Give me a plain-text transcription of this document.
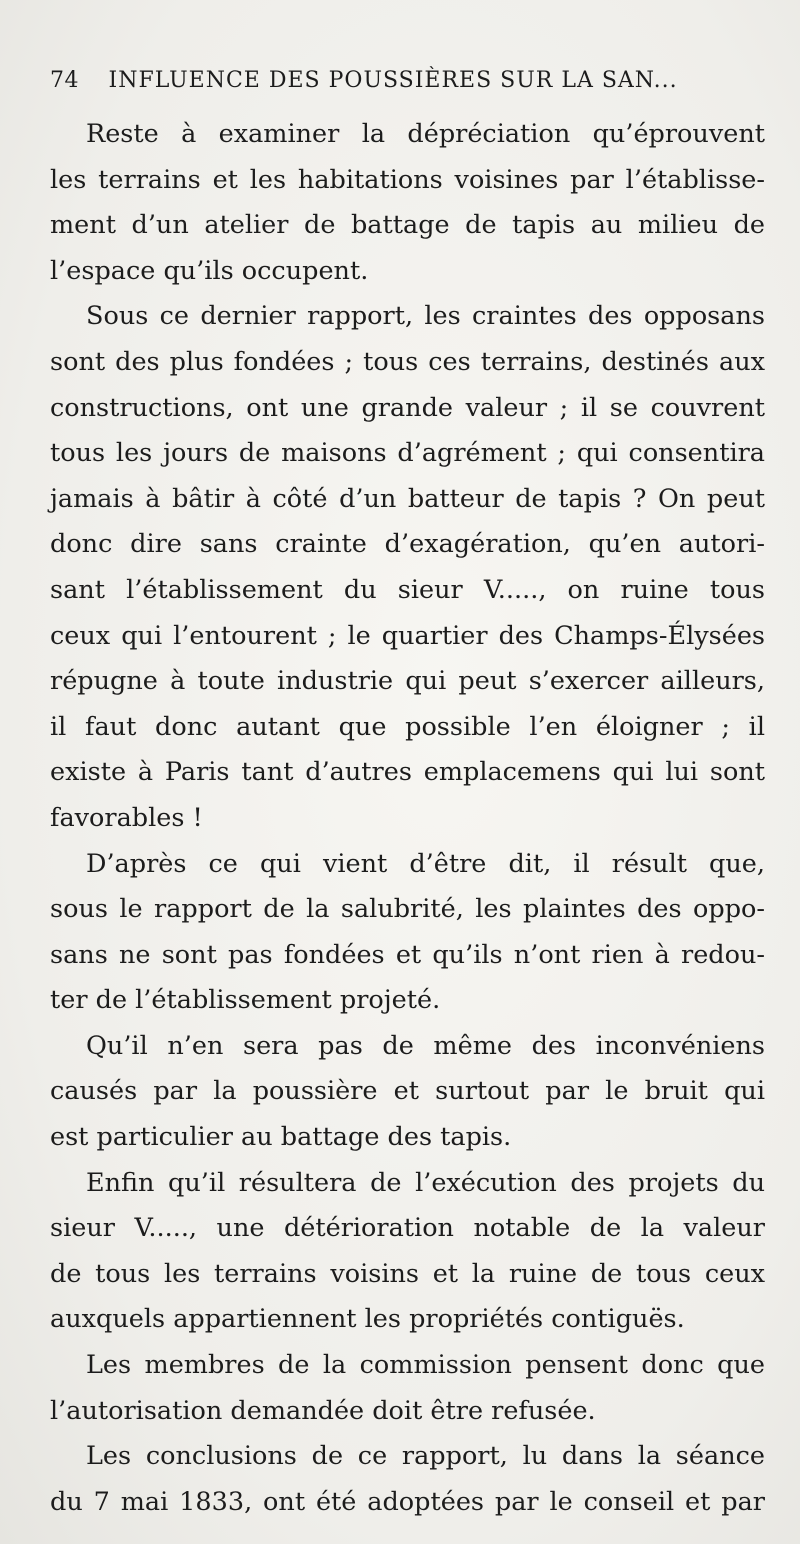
74 INFLUENCE DES POUSSIÈRES SUR LA SAN...
Reste à examiner la dépréciation qu’éprouvent
les terrains et les habitations voisines par l’établisse-
ment d’un atelier de battage de tapis au milieu de
l’espace qu’ils occupent.
Sous ce dernier rapport, les craintes des opposans
sont des plus fondées ; tous ces terrains, destinés aux
constructions, ont une grande valeur ; il se couvrent
tous les jours de maisons d’agrément ; qui consentira
jamais à bâtir à côté d’un batteur de tapis ? On peut
donc dire sans crainte d’exagération, qu’en autori-
sant l’établissement du sieur V....., on ruine tous
ceux qui l’entourent ; le quartier des Champs-Élysées
répugne à toute industrie qui peut s’exercer ailleurs,
il faut donc autant que possible l’en éloigner ; il
existe à Paris tant d’autres emplacemens qui lui sont
favorables !
D’après ce qui vient d’être dit, il résult que,
sous le rapport de la salubrité, les plaintes des oppo-
sans ne sont pas fondées et qu’ils n’ont rien à redou-
ter de l’établissement projeté.
Qu’il n’en sera pas de même des inconvéniens
causés par la poussière et surtout par le bruit qui
est particulier au battage des tapis.
Enfin qu’il résultera de l’exécution des projets du
sieur V....., une détérioration notable de la valeur
de tous les terrains voisins et la ruine de tous ceux
auxquels appartiennent les propriétés contiguës.
Les membres de la commission pensent donc que
l’autorisation demandée doit être refusée.
Les conclusions de ce rapport, lu dans la séance
du 7 mai 1833, ont été adoptées par le conseil et par
